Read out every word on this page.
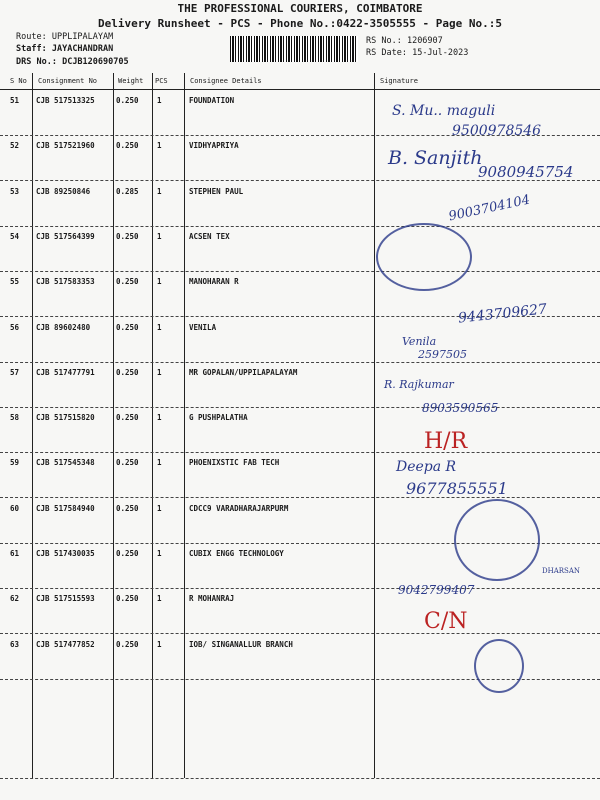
THE PROFESSIONAL COURIERS, COIMBATORE
Delivery Runsheet - PCS - Phone No.:0422-3505555 - Page No.:5
Route: UPPLIPALAYAM
Staff: JAYACHANDRAN
DRS No.: DCJB120690705
RS No.: 1206907
RS Date: 15-Jul-2023
S No Consignment No	Weight PCS	Consignee Details	Signature
51 CJB 517513325	0.250 1	FOUNDATION
52 CJB 517521960	0.250 1	VIDHYAPRIYA
53 CJB 89250846	0.285 1	STEPHEN PAUL
54 CJB 517564399	0.250 1	ACSEN TEX
55 CJB 517583353	0.250 1	MANOHARAN R
56 CJB 89602480	0.250 1	VENILA
57 CJB 517477791	0.250 1	MR GOPALAN/UPPILAPALAYAM
58 CJB 517515820	0.250 1	G PUSHPALATHA
59 CJB 517545348	0.250 1	PHOENIXSTIC FAB TECH
60 CJB 517584940	0.250 1	CDCC9 VARADHARAJARPURM
61 CJB 517430035	0.250 1	CUBIX ENGG TECHNOLOGY
62 CJB 517515593	0.250 1	R MOHANRAJ
63 CJB 517477852	0.250 1	IOB/ SINGANALLUR BRANCH
S. Mu.. maguli
9500978546
B. Sanjith
9080945754
9003704104
9443709627
Venila
2597505
R. Rajkumar
8903590565
H/R
Deepa R
9677855551
9042799407
DHARSAN
C/N
